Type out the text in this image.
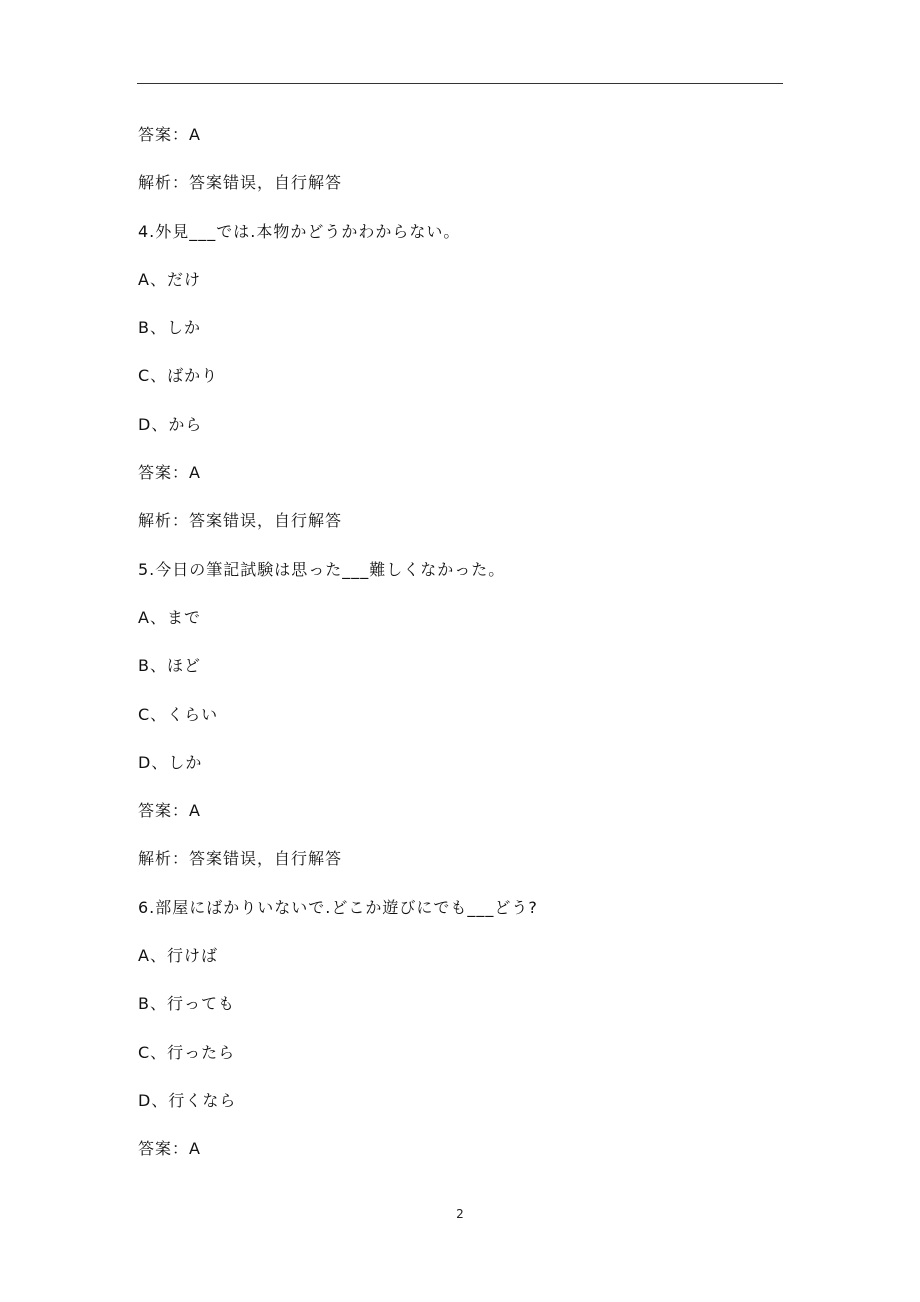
答案：A
解析：答案错误，自行解答
4.外見___では.本物かどうかわからない。
A、だけ
B、しか
C、ばかり
D、から
答案：A
解析：答案错误，自行解答
5.今日の筆記試験は思った___難しくなかった。
A、まで
B、ほど
C、くらい
D、しか
答案：A
解析：答案错误，自行解答
6.部屋にばかりいないで.どこか遊びにでも___どう?
A、行けば
B、行っても
C、行ったら
D、行くなら
答案：A
2
